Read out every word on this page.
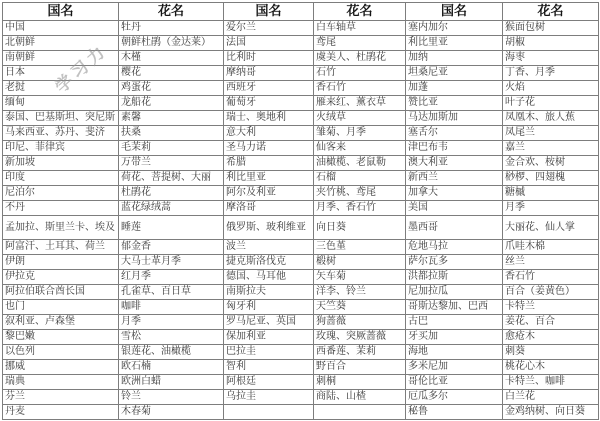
学习力
国名	花名	国名	花名	国名	花名
中国	牡丹	爱尔兰	白车轴草	塞内加尔	猴面包树
北朝鲜	朝鲜杜鹃（金达莱）	法国	鸢尾	利比里亚	胡椒
南朝鲜	木槿	比利时	虞美人、杜鹃花	加纳	海枣
日本	樱花	摩纳哥	石竹	坦桑尼亚	丁香、月季
老挝	鸡蛋花	西班牙	香石竹	加蓬	火焰
缅甸	龙船花	葡萄牙	雁来红、薰衣草	赞比亚	叶子花
泰国、巴基斯坦、突尼斯	素馨	瑞士、奥地利	火绒草	马达加斯加	凤凰木、旅人蕉
马来西亚、苏丹、斐济	扶桑	意大利	雏菊、月季	塞舌尔	凤尾兰
印尼、菲律宾	毛茉莉	圣马力诺	仙客来	津巴布韦	嘉兰
新加坡	万带兰	希腊	油橄榄、老鼠勒	澳大利亚	金合欢、桉树
印度	荷花、菩提树、大丽	利比里亚	石榴	新西兰	桫椤、四翅槐
尼泊尔	杜鹃花	阿尔及利亚	夹竹桃、鸢尾	加拿大	糖槭
不丹	蓝花绿绒蒿	摩洛哥	月季、香石竹	美国	月季
孟加拉、斯里兰卡、埃及	睡莲	俄罗斯、玻利维亚	向日葵	墨西哥	大丽花、仙人掌
阿富汗、土耳其、荷兰	郁金香	波兰	三色堇	危地马拉	爪哇木棉
伊朗	大马士革月季	捷克斯洛伐克	椴树	萨尔瓦多	丝兰
伊拉克	红月季	德国、马耳他	矢车菊	洪都拉斯	香石竹
阿拉伯联合酋长国	孔雀草、百日草	南斯拉夫	洋李、铃兰	尼加拉瓜	百合（姜黄色）
也门	咖啡	匈牙利	天竺葵	哥斯达黎加、巴西	卡特兰
叙利亚、卢森堡	月季	罗马尼亚、英国	狗蔷薇	古巴	姜花、百合
黎巴嫩	雪松	保加利亚	玫瑰、突厥蔷薇	牙买加	愈疮木
以色列	银莲花、油橄榄	巴拉圭	西番莲、茉莉	海地	刺葵
挪威	欧石楠	智利	野百合	多米尼加	桃花心木
瑞典	欧洲白蜡	阿根廷	刺桐	哥伦比亚	卡特兰、咖啡
芬兰	铃兰	乌拉圭	商陆、山楂	厄瓜多尔	白兰花
丹麦	木春菊			秘鲁	金鸡纳树、向日葵
